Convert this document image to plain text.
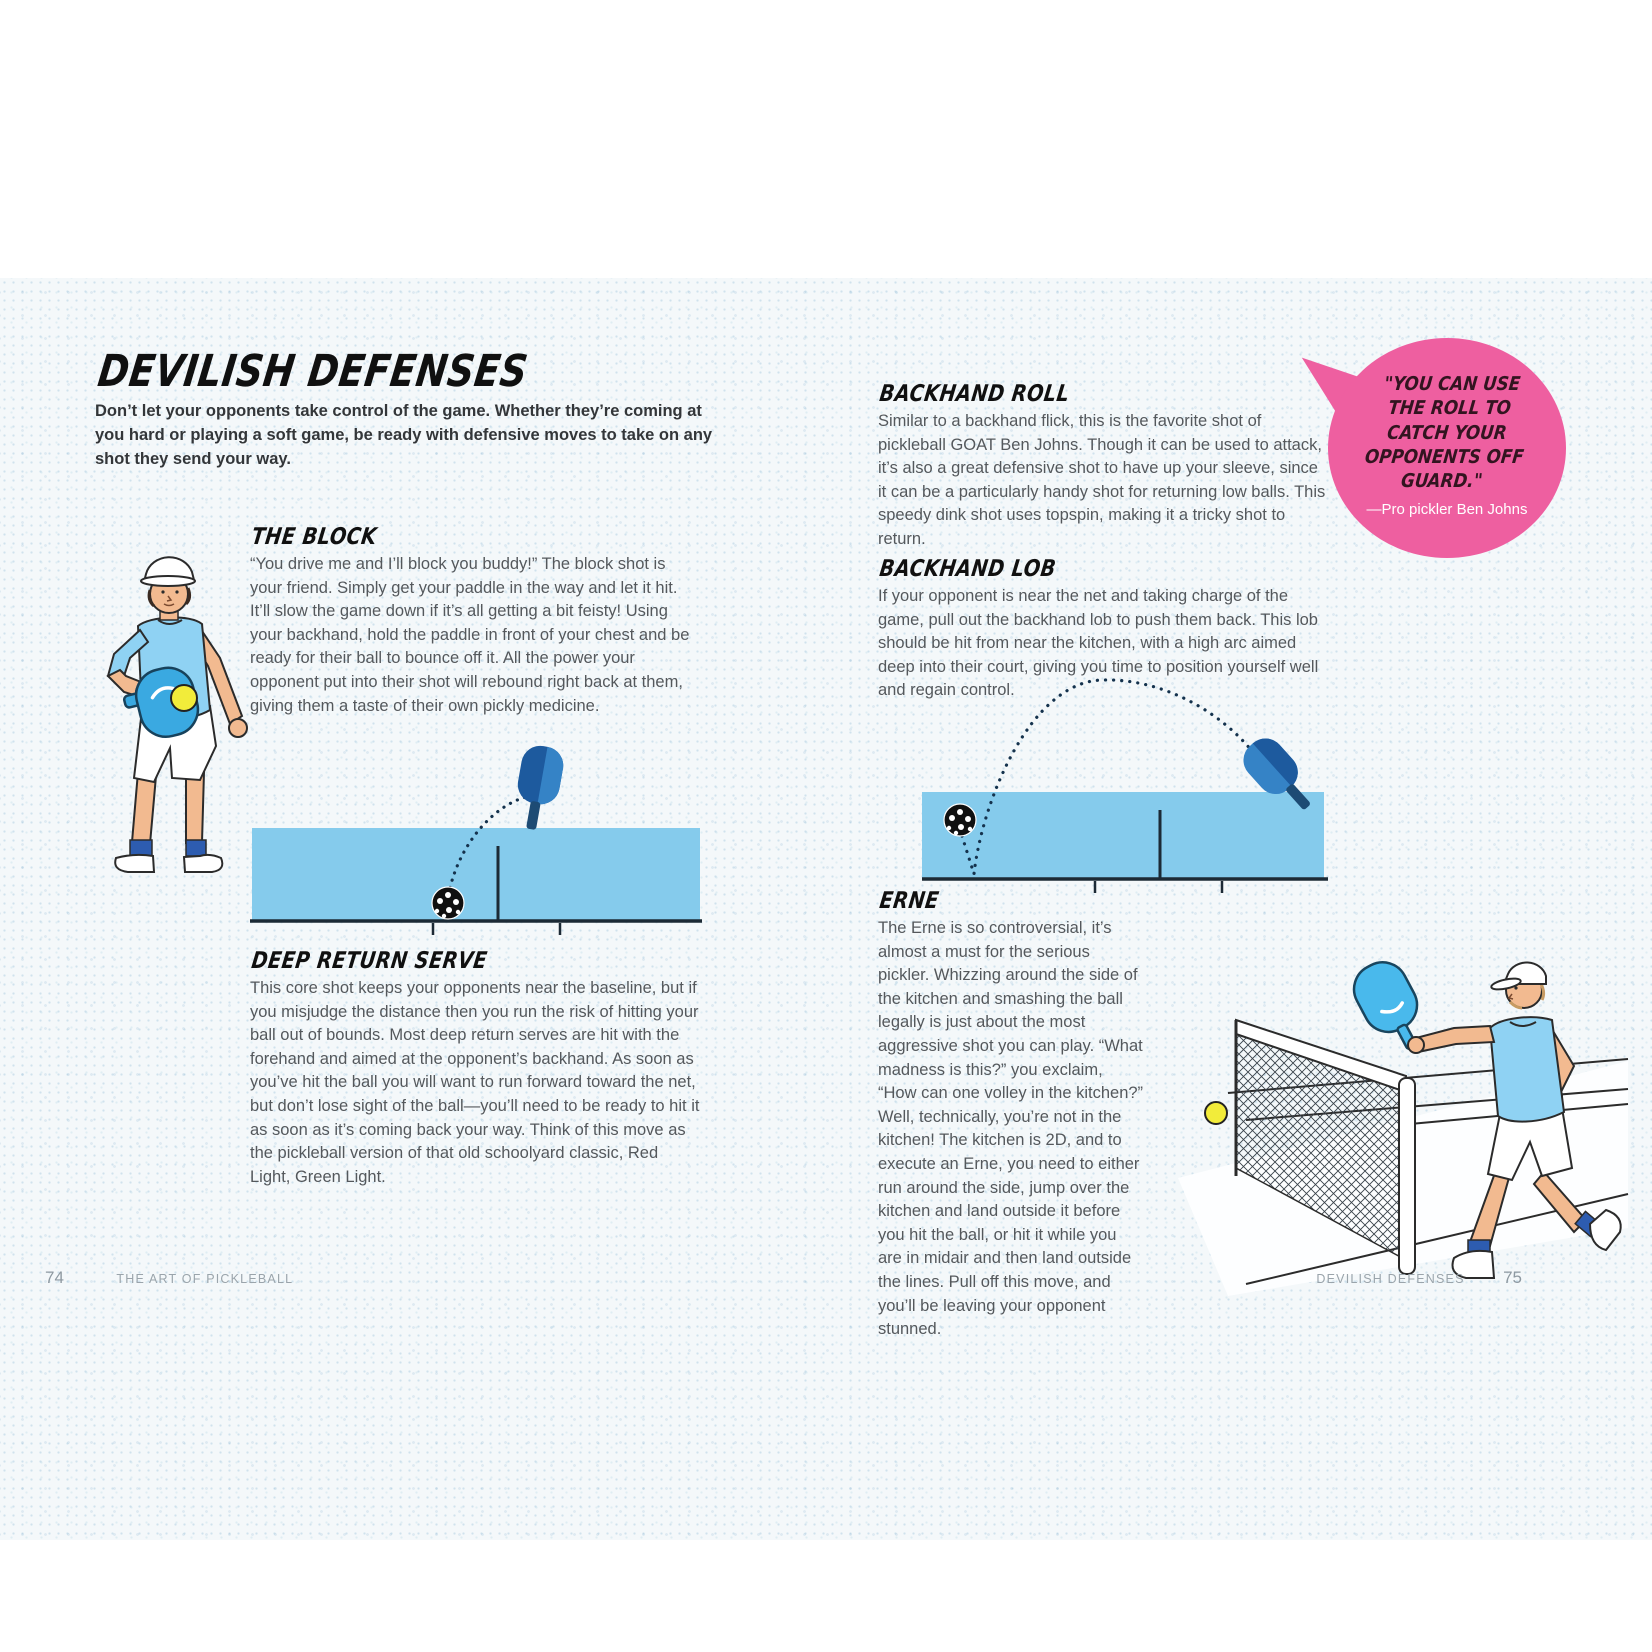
DEVILISH DEFENSES

Don’t let your opponents take control of the game. Whether they’re coming at you hard or playing a soft game, be ready with defensive moves to take on any shot they send your way.

THE BLOCK

“You drive me and I’ll block you buddy!” The block shot is your friend. Simply get your paddle in the way and let it hit. It’ll slow the game down if it’s all getting a bit feisty! Using your backhand, hold the paddle in front of your chest and be ready for their ball to bounce off it. All the power your opponent put into their shot will rebound right back at them, giving them a taste of their own pickly medicine.

DEEP RETURN SERVE

This core shot keeps your opponents near the baseline, but if you misjudge the distance then you run the risk of hitting your ball out of bounds. Most deep return serves are hit with the forehand and aimed at the opponent’s backhand. As soon as you’ve hit the ball you will want to run forward toward the net, but don’t lose sight of the ball—you’ll need to be ready to hit it as soon as it’s coming back your way. Think of this move as the pickleball version of that old schoolyard classic, Red Light, Green Light.

74	THE ART OF PICKLEBALL
BACKHAND ROLL

Similar to a backhand flick, this is the favorite shot of pickleball GOAT Ben Johns. Though it can be used to attack, it’s also a great defensive shot to have up your sleeve, since it can be a particularly handy shot for returning low balls. This speedy dink shot uses topspin, making it a tricky shot to return.

"YOU CAN USE THE ROLL TO CATCH YOUR OPPONENTS OFF GUARD."
—Pro pickler Ben Johns
BACKHAND LOB

If your opponent is near the net and taking charge of the game, pull out the backhand lob to push them back. This lob should be hit from near the kitchen, with a high arc aimed deep into their court, giving you time to position yourself well and regain control.

ERNE

The Erne is so controversial, it’s almost a must for the serious pickler. Whizzing around the side of the kitchen and smashing the ball legally is just about the most aggressive shot you can play. “What madness is this?” you exclaim, “How can one volley in the kitchen?” Well, technically, you’re not in the kitchen! The kitchen is 2D, and to execute an Erne, you need to either run around the side, jump over the kitchen and land outside it before you hit the ball, or hit it while you are in midair and then land outside the lines. Pull off this move, and you’ll be leaving your opponent stunned.

DEVILISH DEFENSES 75
